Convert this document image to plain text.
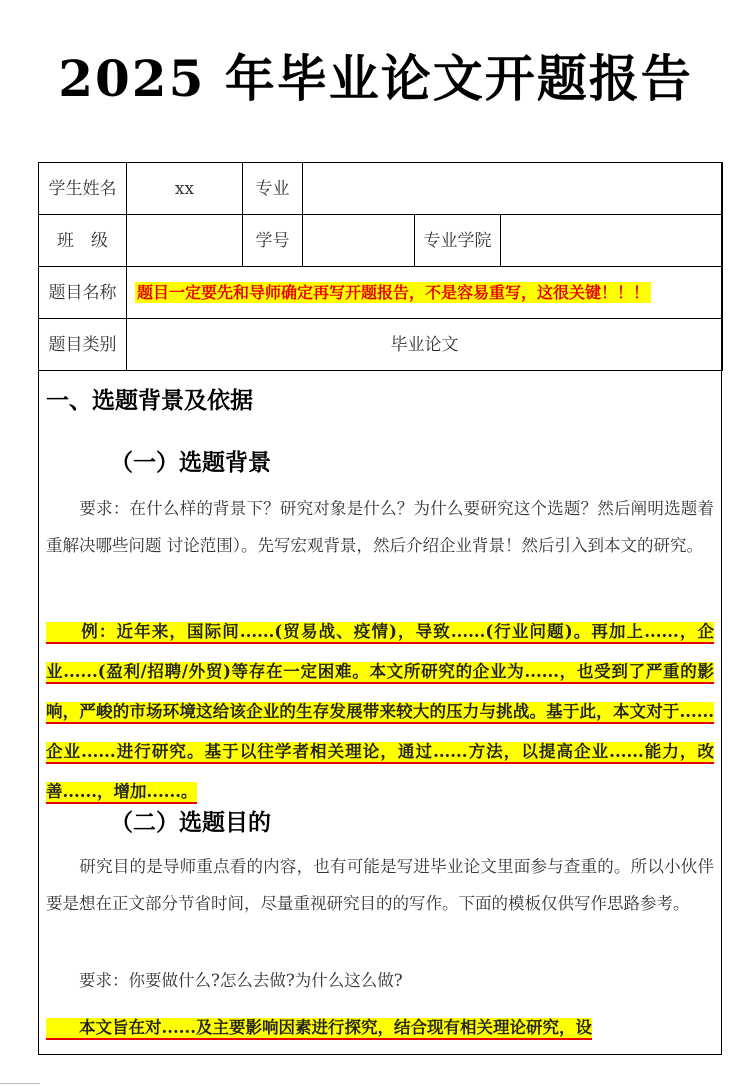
2025 年毕业论文开题报告
学生姓名	xx	专业			
班　级		学号		专业学院	
题目名称	题目一定要先和导师确定再写开题报告，不是容易重写，这很关键！！！				
题目类别	毕业论文				
一、选题背景及依据
（一）选题背景
　　要求：在什么样的背景下？研究对象是什么？为什么要研究这个选题？然后阐明选题着重解决哪些问题 讨论范围）。先写宏观背景，然后介绍企业背景！然后引入到本文的研究。
　　例：近年来，国际间......(贸易战、疫情)，导致......(行业问题)。再加上......，企业......(盈利/招聘/外贸)等存在一定困难。本文所研究的企业为......，也受到了严重的影响，严峻的市场环境这给该企业的生存发展带来较大的压力与挑战。基于此，本文对于......企业......进行研究。基于以往学者相关理论，通过......方法，以提高企业......能力，改善......，增加......。
（二）选题目的
　　研究目的是导师重点看的内容，也有可能是写进毕业论文里面参与查重的。所以小伙伴要是想在正文部分节省时间，尽量重视研究目的的写作。下面的模板仅供写作思路参考。
　　要求：你要做什么?怎么去做?为什么这么做?
　　本文旨在对......及主要影响因素进行探究，结合现有相关理论研究，设
